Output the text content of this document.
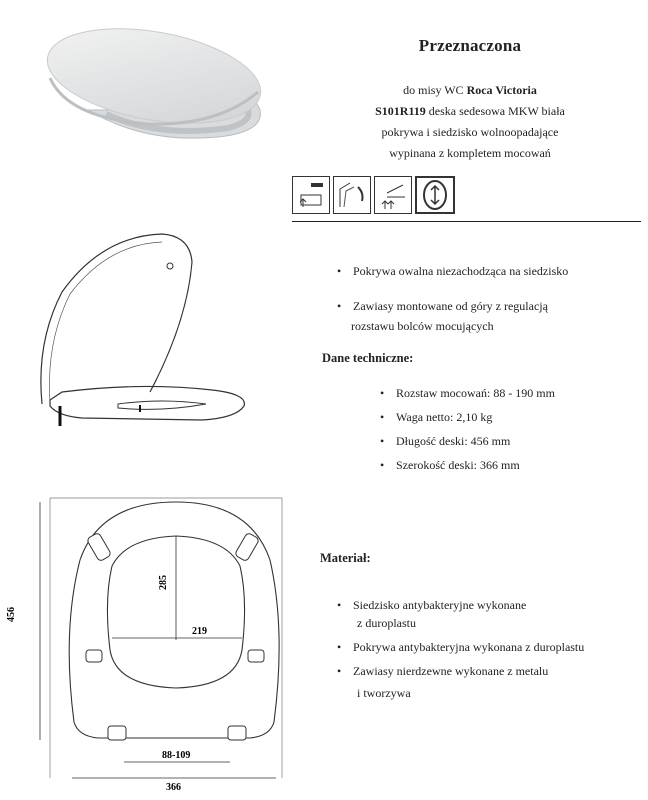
456
285
219
88-109
366
Przeznaczona
do misy WC Roca Victoria
S101R119 deska sedesowa MKW biała
pokrywa i siedzisko wolnoopadające
wypinana z kompletem mocowań
• Pokrywa owalna niezachodząca na siedzisko
• Zawiasy montowane od góry z regulacją
rozstawu bolców mocujących
Dane techniczne:
• Rozstaw mocowań: 88 - 190 mm
• Waga netto: 2,10 kg
• Długość deski: 456 mm
• Szerokość deski: 366 mm
Materiał:
• Siedzisko antybakteryjne wykonane
z duroplastu
• Pokrywa antybakteryjna wykonana z duroplastu
• Zawiasy nierdzewne wykonane z metalu
i tworzywa
